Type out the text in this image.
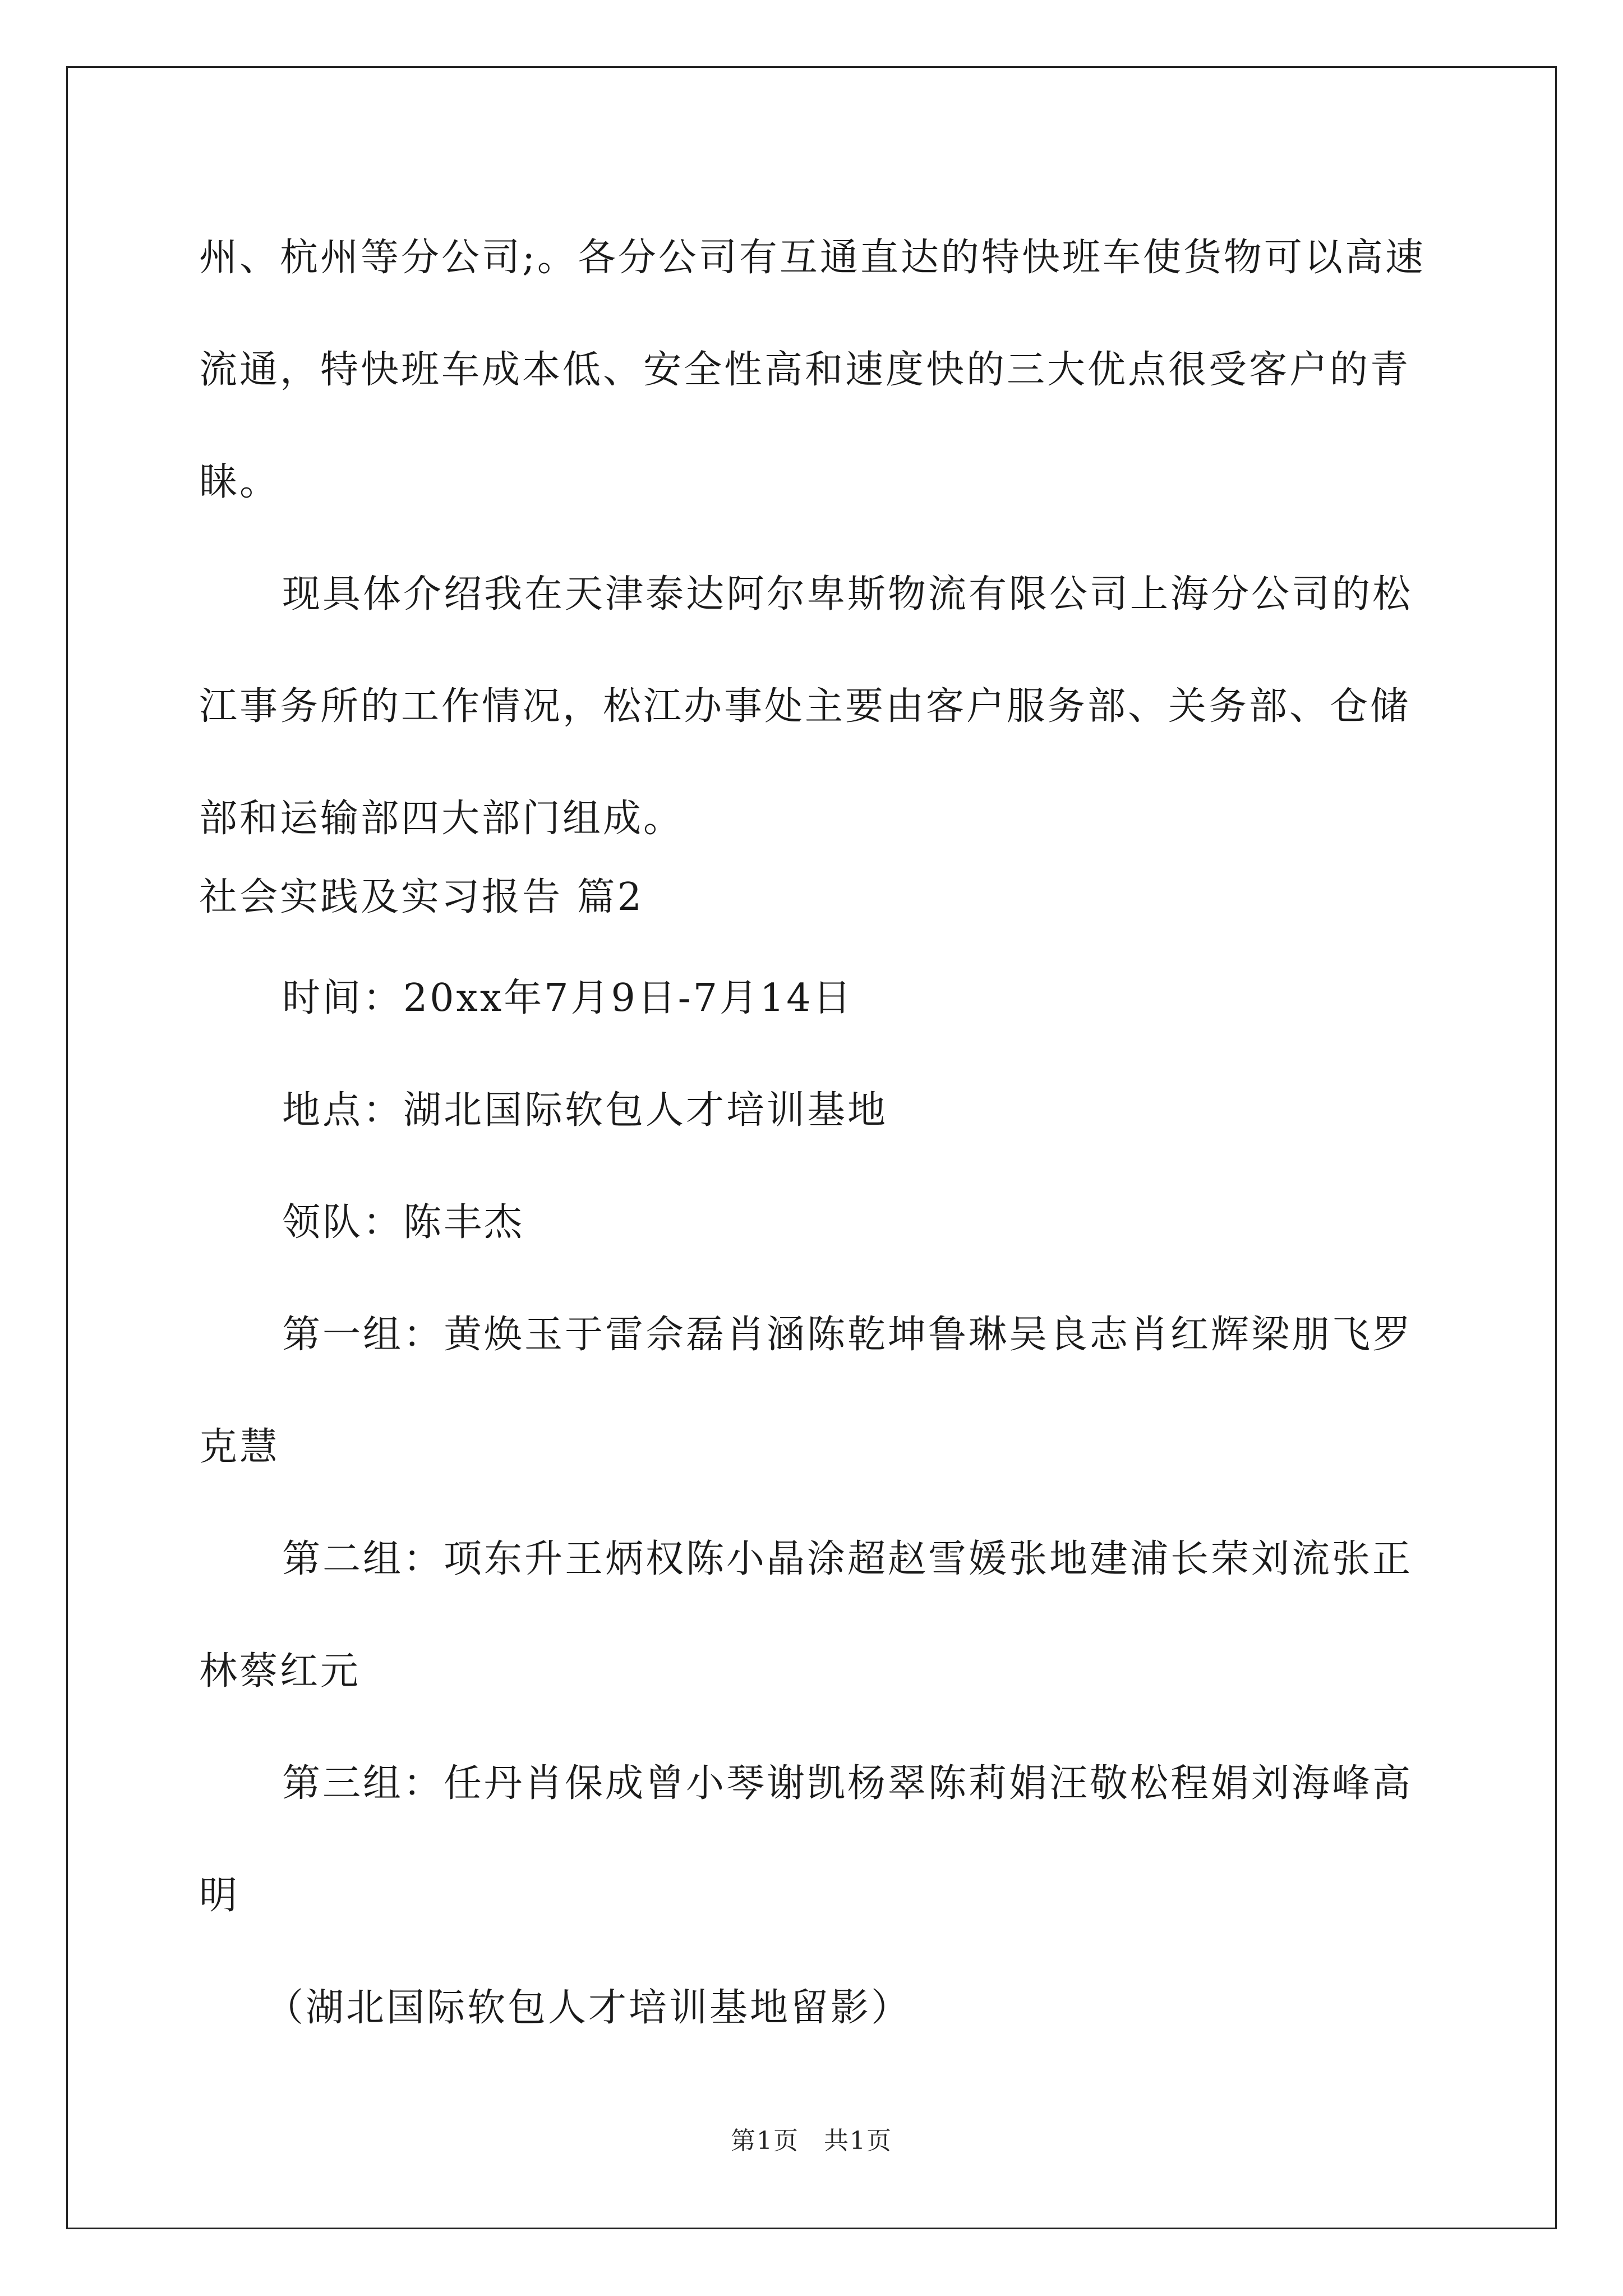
州、杭州等分公司;。各分公司有互通直达的特快班车使货物可以高速
流通，特快班车成本低、安全性高和速度快的三大优点很受客户的青
睐。
现具体介绍我在天津泰达阿尔卑斯物流有限公司上海分公司的松
江事务所的工作情况，松江办事处主要由客户服务部、关务部、仓储
部和运输部四大部门组成。
社会实践及实习报告 篇2
时间：20xx年7月9日-7月14日
地点：湖北国际软包人才培训基地
领队：陈丰杰
第一组：黄焕玉于雷佘磊肖涵陈乾坤鲁琳吴良志肖红辉梁朋飞罗
克慧
第二组：项东升王炳权陈小晶涂超赵雪媛张地建浦长荣刘流张正
林蔡红元
第三组：任丹肖保成曾小琴谢凯杨翠陈莉娟汪敬松程娟刘海峰高
明
（湖北国际软包人才培训基地留影）
第1页 共1页
